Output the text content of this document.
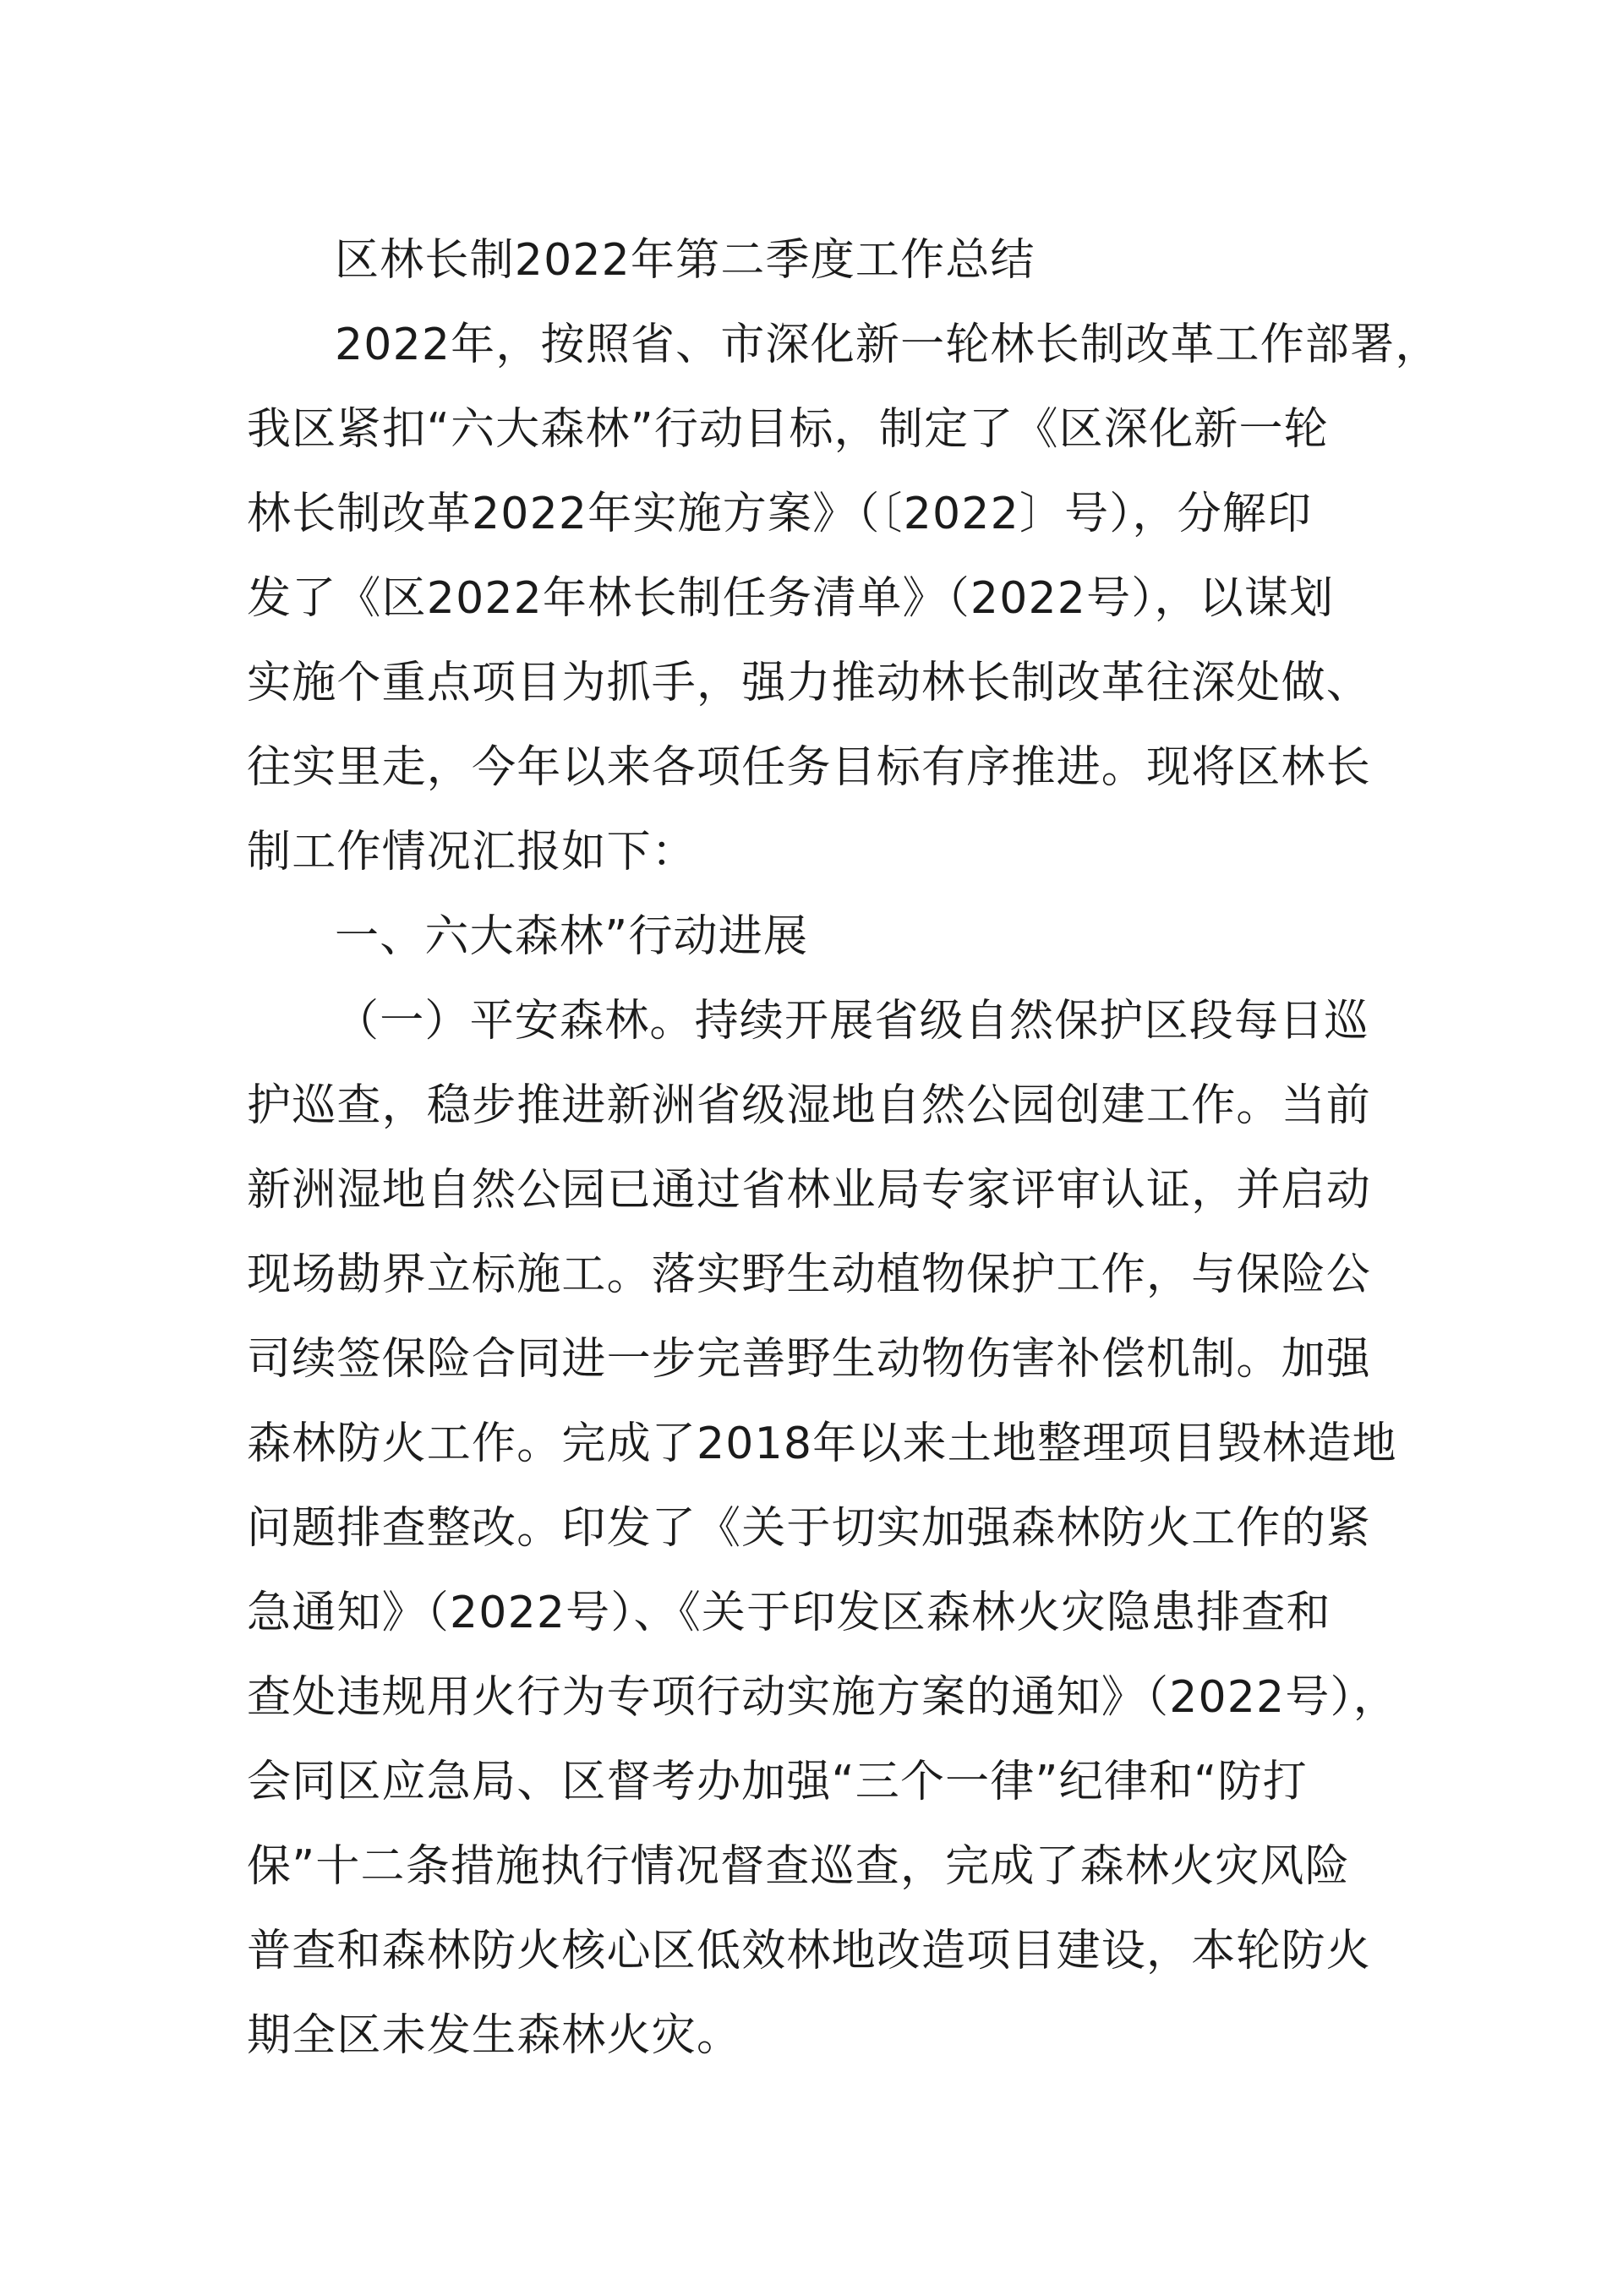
区林长制2022年第二季度工作总结
2022年，按照省、市深化新一轮林长制改革工作部署，
我区紧扣“六大森林”行动目标，制定了《区深化新一轮
林长制改革2022年实施方案》（〔2022〕号），分解印
发了《区2022年林长制任务清单》（2022号），以谋划
实施个重点项目为抓手，强力推动林长制改革往深处做、
往实里走，今年以来各项任务目标有序推进。现将区林长
制工作情况汇报如下：
一、六大森林”行动进展
（一）平安森林。持续开展省级自然保护区段每日巡
护巡查，稳步推进新洲省级湿地自然公园创建工作。当前
新洲湿地自然公园已通过省林业局专家评审认证，并启动
现场勘界立标施工。落实野生动植物保护工作，与保险公
司续签保险合同进一步完善野生动物伤害补偿机制。加强
森林防火工作。完成了2018年以来土地整理项目毁林造地
问题排查整改。印发了《关于切实加强森林防火工作的紧
急通知》（2022号）、《关于印发区森林火灾隐患排查和
查处违规用火行为专项行动实施方案的通知》（2022号），
会同区应急局、区督考办加强“三个一律”纪律和“防打
保”十二条措施执行情况督查巡查，完成了森林火灾风险
普查和森林防火核心区低效林地改造项目建设，本轮防火
期全区未发生森林火灾。
